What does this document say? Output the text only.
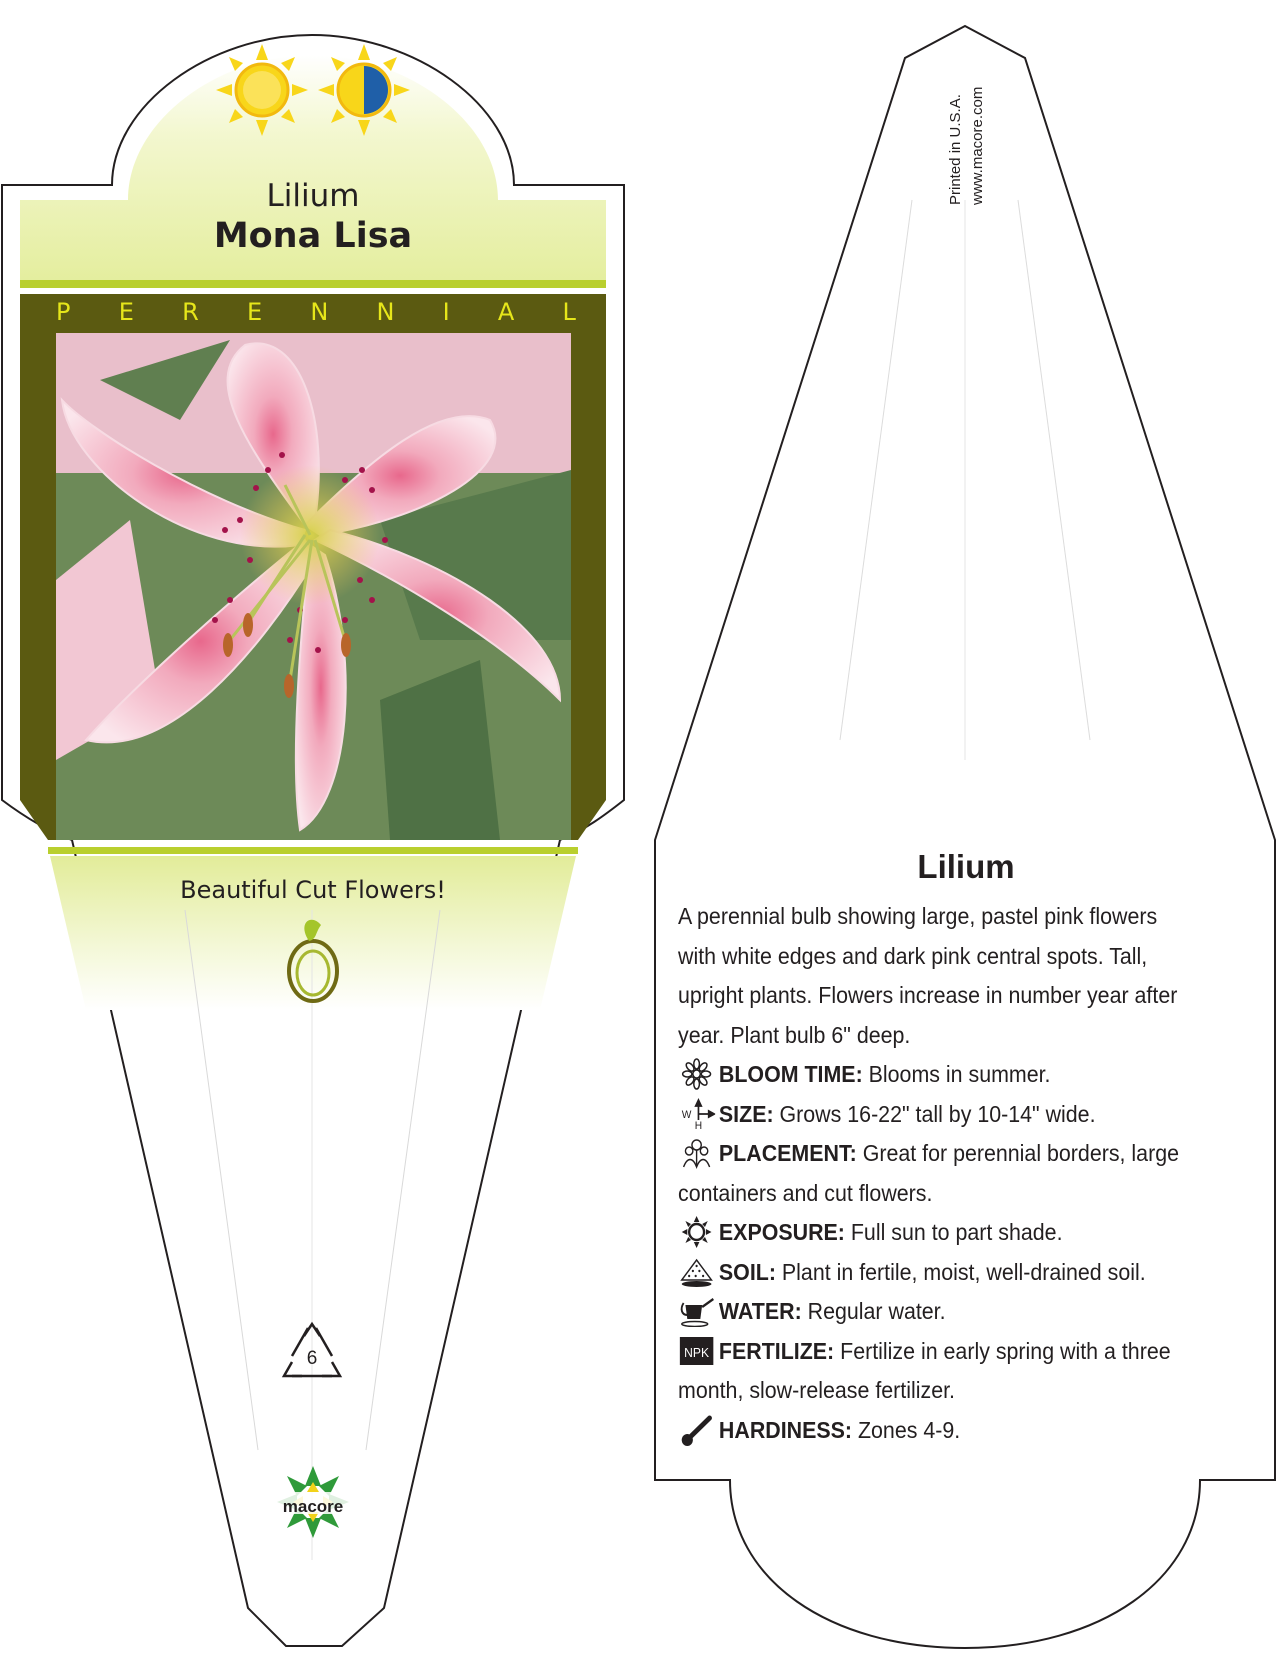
Lilium
Mona Lisa
P E R E N N I A L
Beautiful Cut Flowers!
6
macore
Printed in U.S.A. www.macore.com
Lilium
A perennial bulb showing large, pastel pink flowers
with white edges and dark pink central spots. Tall,
upright plants. Flowers increase in number year after
year. Plant bulb 6" deep.
BLOOM TIME: Blooms in summer.
W
H SIZE: Grows 16-22" tall by 10-14" wide.
PLACEMENT: Great for perennial borders, large
containers and cut flowers.
EXPOSURE: Full sun to part shade.
SOIL: Plant in fertile, moist, well-drained soil.
WATER: Regular water.
NPK FERTILIZE: Fertilize in early spring with a three
month, slow-release fertilizer.
HARDINESS: Zones 4-9.
